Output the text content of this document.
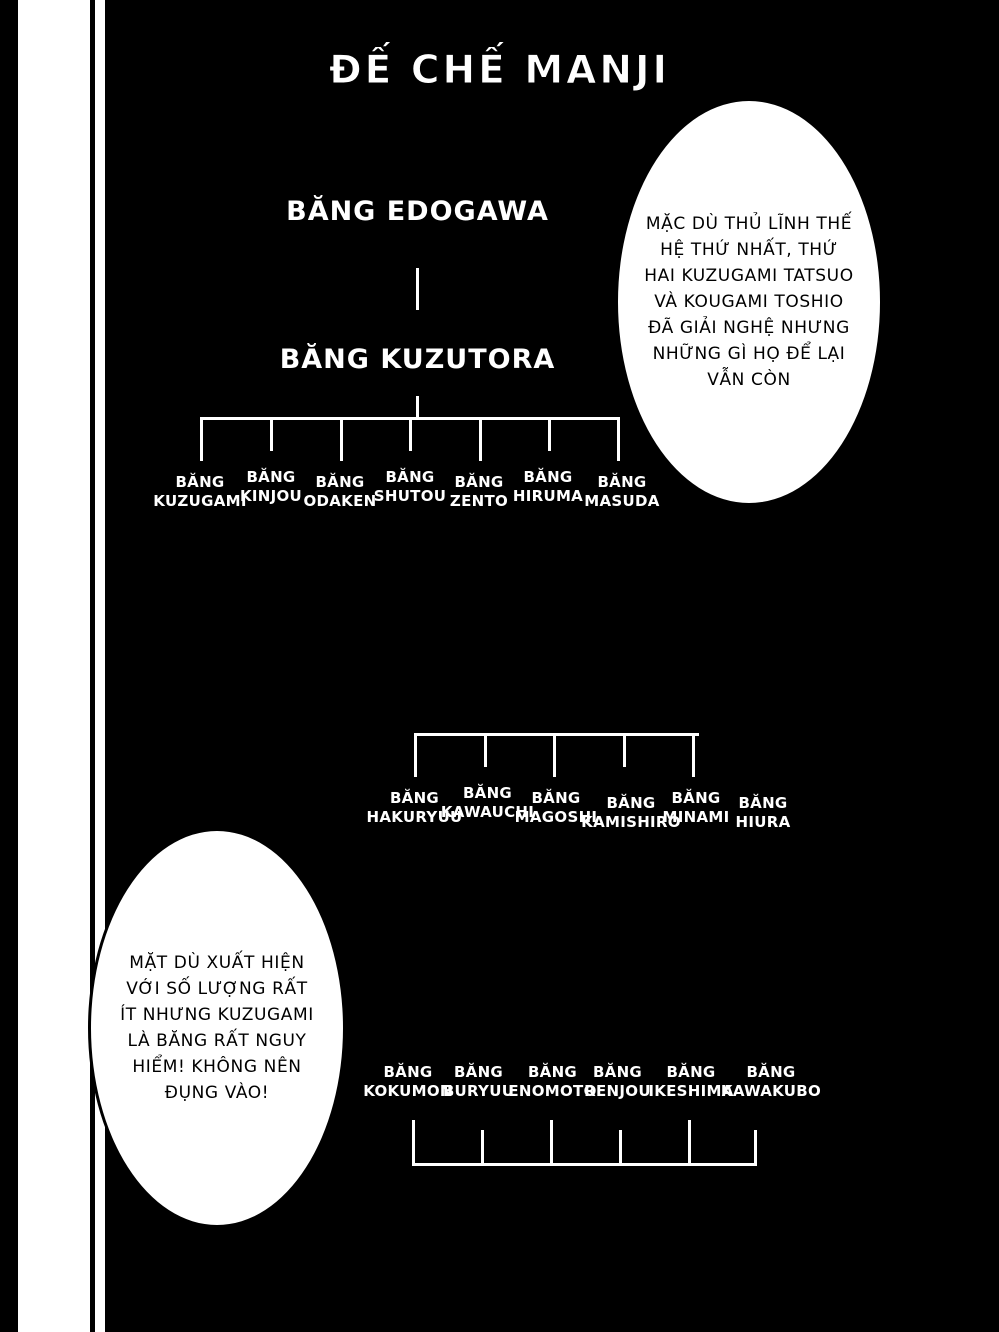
ĐẾ CHẾ MANJI
BĂNG EDOGAWA
BĂNG KUZUTORA
BĂNG
KUZUGAMI
BĂNG
KINJOU
BĂNG
ODAKEN
BĂNG
SHUTOU
BĂNG
ZENTO
BĂNG
HIRUMA
BĂNG
MASUDA
BĂNG
HAKURYUU
BĂNG
KAWAUCHI
BĂNG
MAGOSHI
BĂNG
KAMISHIRO
BĂNG
MINAMI
BĂNG
HIURA
BĂNG
KOKUMON
BĂNG
BURYUU
BĂNG
ENOMOTO
BĂNG
RENJOU
BĂNG
IKESHIMA
BĂNG
KAWAKUBO

MẶC DÙ THỦ LĨNH THẾ HỆ THỨ NHẤT, THỨ HAI KUZUGAMI TATSUO VÀ KOUGAMI TOSHIO ĐÃ GIẢI NGHỆ NHƯNG NHỮNG GÌ HỌ ĐỂ LẠI VẪN CÒN

MẶT DÙ XUẤT HIỆN VỚI SỐ LƯỢNG RẤT ÍT NHƯNG KUZUGAMI LÀ BĂNG RẤT NGUY HIỂM! KHÔNG NÊN ĐỤNG VÀO!
